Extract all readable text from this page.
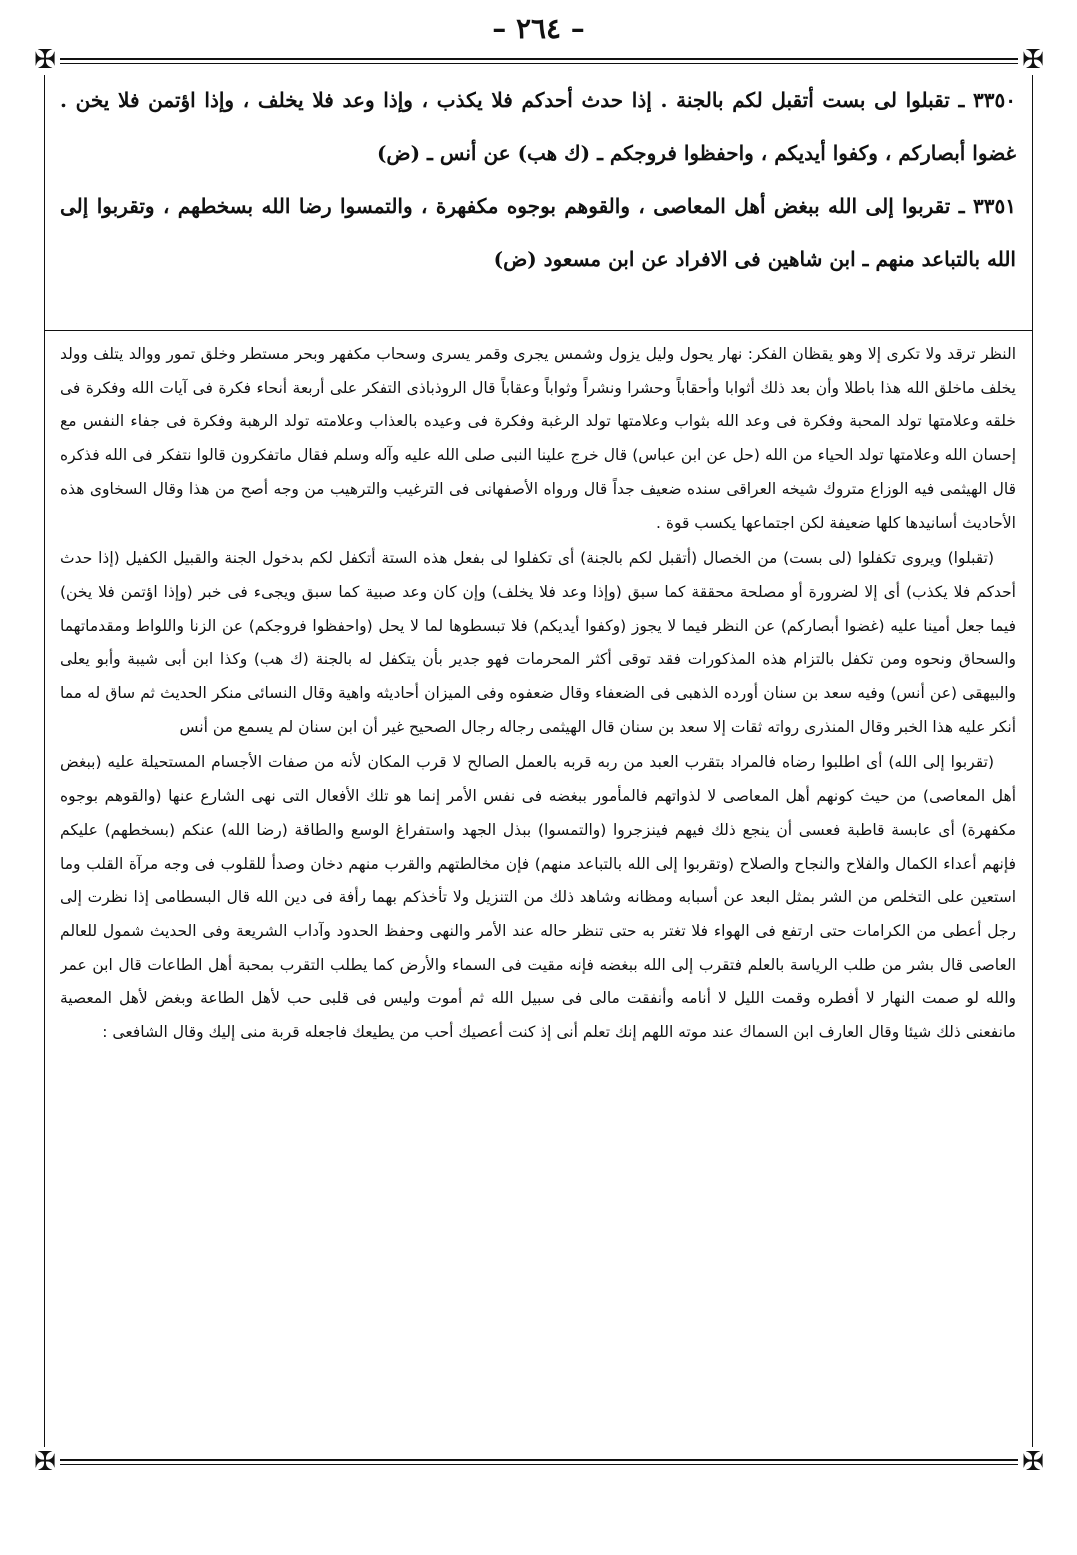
– ٢٦٤ –
✠	✠
✠	✠

٣٣٥٠ ـ تقبلوا لى بست أتقبل لكم بالجنة . إذا حدث أحدكم فلا يكذب ، وإذا وعد فلا يخلف ، وإذا اؤتمن فلا يخن . غضوا أبصاركم ، وكفوا أيديكم ، واحفظوا فروجكم ـ (ك هب) عن أنس ـ (ض)

٣٣٥١ ـ تقربوا إلى الله ببغض أهل المعاصى ، والقوهم بوجوه مكفهرة ، والتمسوا رضا الله بسخطهم ، وتقربوا إلى الله بالتباعد منهم ـ ابن شاهين فى الافراد عن ابن مسعود (ض)

النظر ترقد ولا تكرى إلا وهو يقظان الفكر: نهار يحول وليل يزول وشمس يجرى وقمر يسرى وسحاب مكفهر وبحر مستطر وخلق تمور ووالد يتلف وولد يخلف ماخلق الله هذا باطلا وأن بعد ذلك أثوابا وأحقاباً وحشرا ونشراً وثواباً وعقاباً قال الروذباذى التفكر على أربعة أنحاء فكرة فى آيات الله وفكرة فى خلقه وعلامتها تولد المحبة وفكرة فى وعد الله بثواب وعلامتها تولد الرغبة وفكرة فى وعيده بالعذاب وعلامته تولد الرهبة وفكرة فى جفاء النفس مع إحسان الله وعلامتها تولد الحياء من الله (حل عن ابن عباس) قال خرج علينا النبى صلى الله عليه وآله وسلم فقال ماتفكرون قالوا نتفكر فى الله فذكره قال الهيثمى فيه الوزاع متروك شيخه العراقى سنده ضعيف جداً قال ورواه الأصفهانى فى الترغيب والترهيب من وجه أصح من هذا وقال السخاوى هذه الأحاديث أسانيدها كلها ضعيفة لكن اجتماعها يكسب قوة .

(تقبلوا) ويروى تكفلوا (لى بست) من الخصال (أتقبل لكم بالجنة) أى تكفلوا لى بفعل هذه الستة أتكفل لكم بدخول الجنة والقبيل الكفيل (إذا حدث أحدكم فلا يكذب) أى إلا لضرورة أو مصلحة محققة كما سبق (وإذا وعد فلا يخلف) وإن كان وعد صبية كما سبق ويجىء فى خبر (وإذا اؤتمن فلا يخن) فيما جعل أمينا عليه (غضوا أبصاركم) عن النظر فيما لا يجوز (وكفوا أيديكم) فلا تبسطوها لما لا يحل (واحفظوا فروجكم) عن الزنا واللواط ومقدماتهما والسحاق ونحوه ومن تكفل بالتزام هذه المذكورات فقد توقى أكثر المحرمات فهو جدير بأن يتكفل له بالجنة (ك هب) وكذا ابن أبى شيبة وأبو يعلى والبيهقى (عن أنس) وفيه سعد بن سنان أورده الذهبى فى الضعفاء وقال ضعفوه وفى الميزان أحاديثه واهية وقال النسائى منكر الحديث ثم ساق له مما أنكر عليه هذا الخبر وقال المنذرى رواته ثقات إلا سعد بن سنان قال الهيثمى رجاله رجال الصحيح غير أن ابن سنان لم يسمع من أنس

(تقربوا إلى الله) أى اطلبوا رضاه فالمراد بتقرب العبد من ربه قربه بالعمل الصالح لا قرب المكان لأنه من صفات الأجسام المستحيلة عليه (ببغض أهل المعاصى) من حيث كونهم أهل المعاصى لا لذواتهم فالمأمور ببغضه فى نفس الأمر إنما هو تلك الأفعال التى نهى الشارع عنها (والقوهم بوجوه مكفهرة) أى عابسة قاطبة فعسى أن ينجع ذلك فيهم فينزجروا (والتمسوا) ببذل الجهد واستفراغ الوسع والطاقة (رضا الله) عنكم (بسخطهم) عليكم فإنهم أعداء الكمال والفلاح والنجاح والصلاح (وتقربوا إلى الله بالتباعد منهم) فإن مخالطتهم والقرب منهم دخان وصدأ للقلوب فى وجه مرآة القلب وما استعين على التخلص من الشر بمثل البعد عن أسبابه ومظانه وشاهد ذلك من التنزيل ولا تأخذكم بهما رأفة فى دين الله قال البسطامى إذا نظرت إلى رجل أعطى من الكرامات حتى ارتفع فى الهواء فلا تغتر به حتى تنظر حاله عند الأمر والنهى وحفظ الحدود وآداب الشريعة وفى الحديث شمول للعالم العاصى قال بشر من طلب الرياسة بالعلم فتقرب إلى الله ببغضه فإنه مقيت فى السماء والأرض كما يطلب التقرب بمحبة أهل الطاعات قال ابن عمر والله لو صمت النهار لا أفطره وقمت الليل لا أنامه وأنفقت مالى فى سبيل الله ثم أموت وليس فى قلبى حب لأهل الطاعة وبغض لأهل المعصية مانفعنى ذلك شيئا وقال العارف ابن السماك عند موته اللهم إنك تعلم أنى إذ كنت أعصيك أحب من يطيعك فاجعله قربة منى إليك وقال الشافعى :
